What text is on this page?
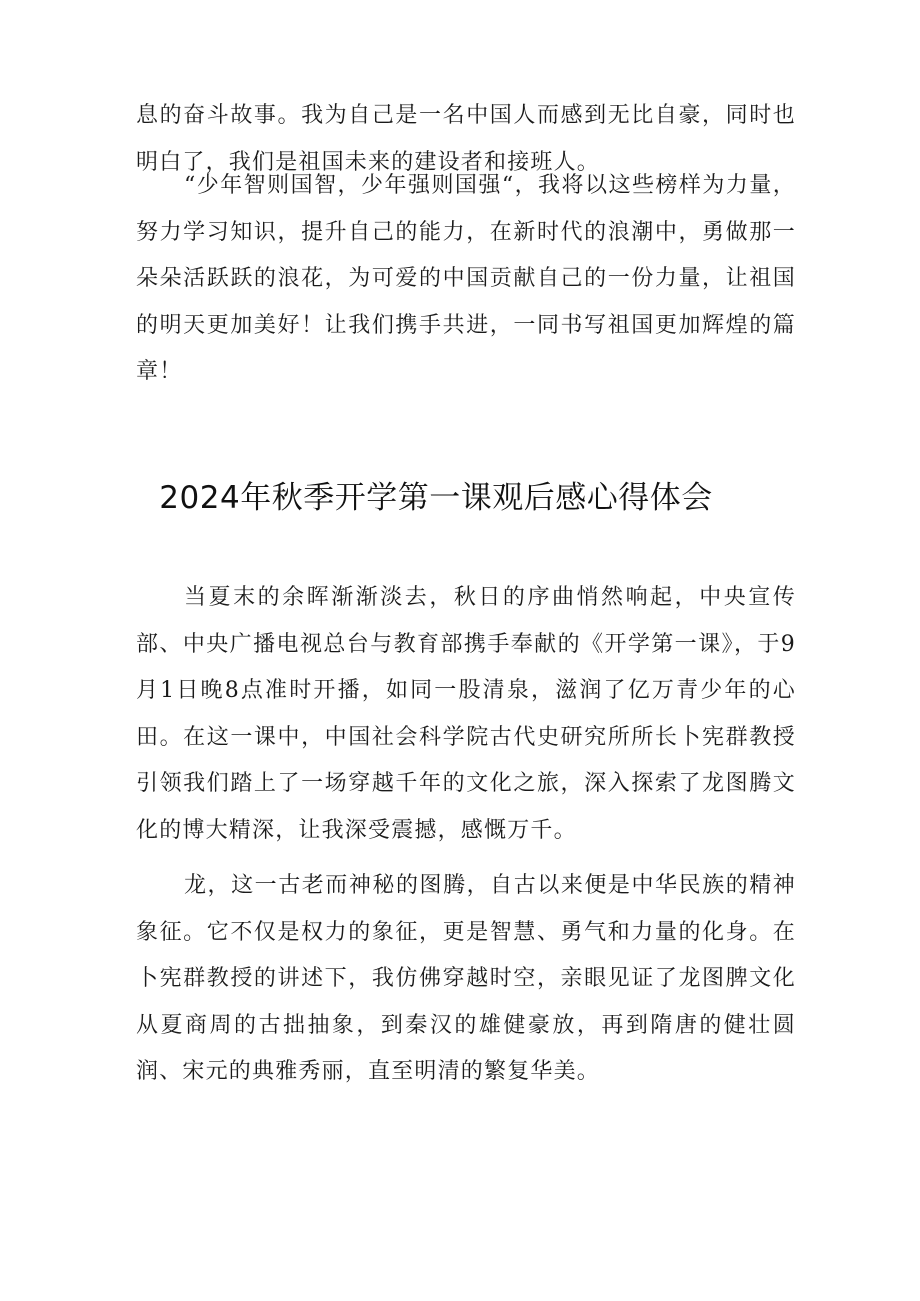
息的奋斗故事。我为自己是一名中国人而感到无比自豪，同时也明白了，我们是祖国未来的建设者和接班人。

“少年智则国智，少年强则国强“，我将以这些榜样为力量，努力学习知识，提升自己的能力，在新时代的浪潮中，勇做那一朵朵活跃跃的浪花，为可爱的中国贡献自己的一份力量，让祖国的明天更加美好！让我们携手共进，一同书写祖国更加辉煌的篇章！

2024年秋季开学第一课观后感心得体会

当夏末的余晖渐渐淡去，秋日的序曲悄然响起，中央宣传部、中央广播电视总台与教育部携手奉献的《开学第一课》，于9月1日晚8点准时开播，如同一股清泉，滋润了亿万青少年的心田。在这一课中，中国社会科学院古代史研究所所长卜宪群教授引领我们踏上了一场穿越千年的文化之旅，深入探索了龙图腾文化的博大精深，让我深受震撼，感慨万千。

龙，这一古老而神秘的图腾，自古以来便是中华民族的精神象征。它不仅是权力的象征，更是智慧、勇气和力量的化身。在卜宪群教授的讲述下，我仿佛穿越时空，亲眼见证了龙图脾文化从夏商周的古拙抽象，到秦汉的雄健豪放，再到隋唐的健壮圆润、宋元的典雅秀丽，直至明清的繁复华美。
